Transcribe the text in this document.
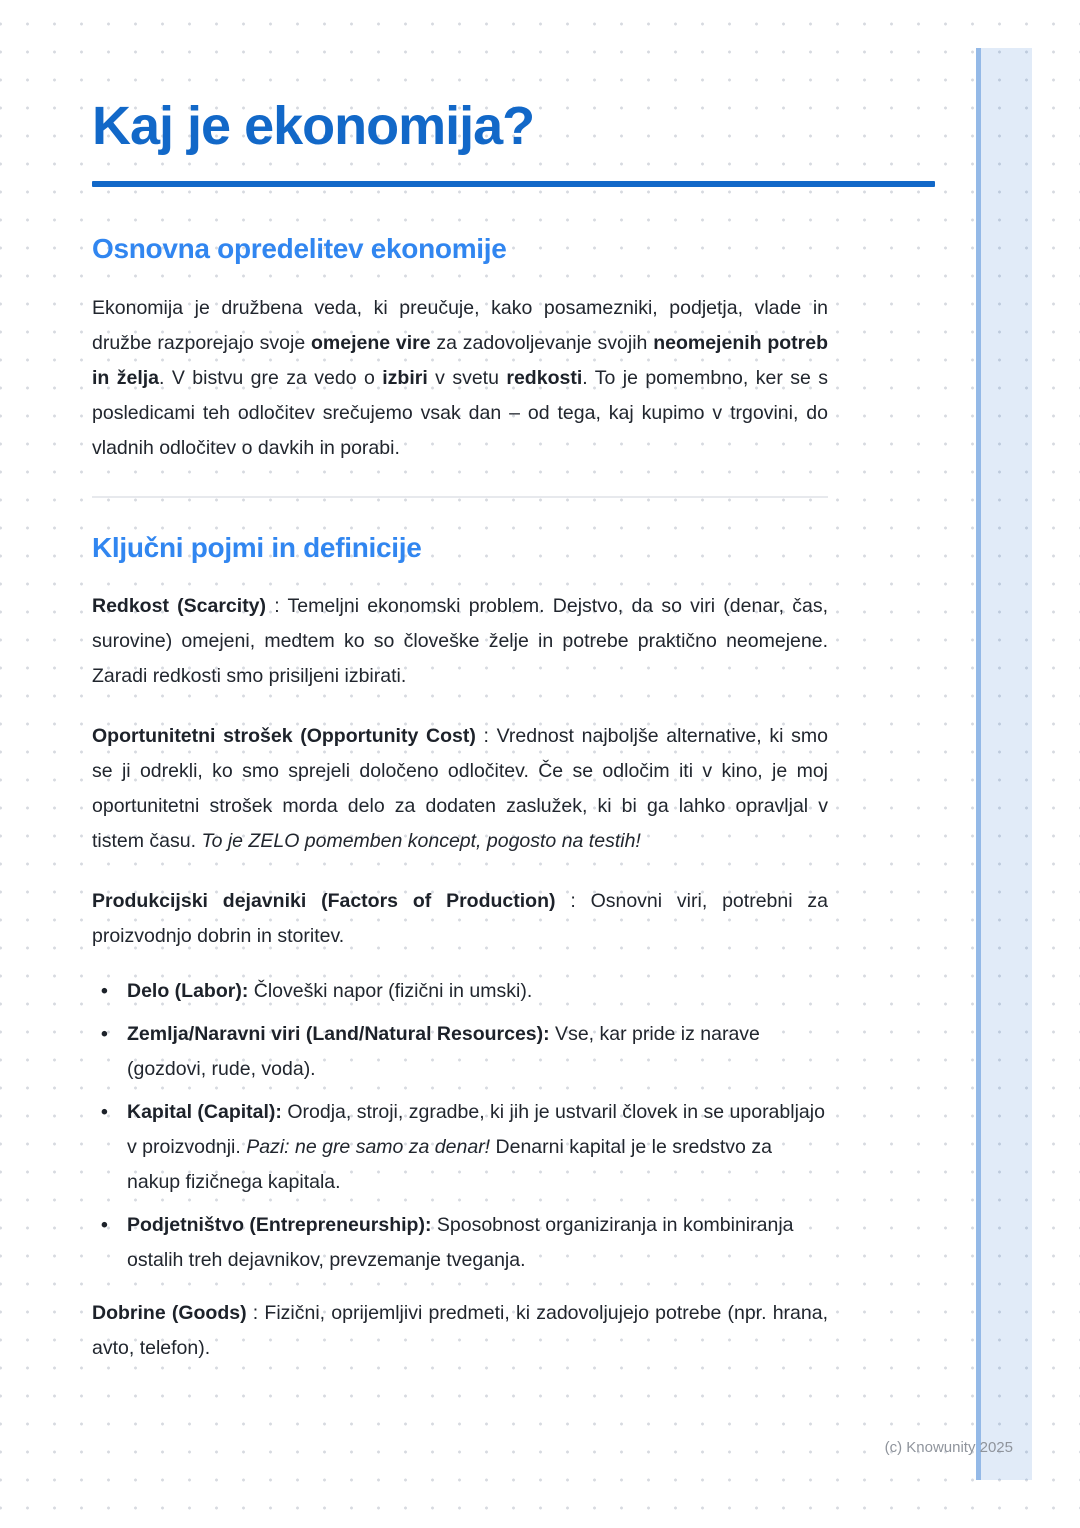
Kaj je ekonomija?
Osnovna opredelitev ekonomije

Ekonomija je družbena veda, ki preučuje, kako posamezniki, podjetja, vlade in družbe razporejajo svoje omejene vire za zadovoljevanje svojih neomejenih potreb in želja. V bistvu gre za vedo o izbiri v svetu redkosti. To je pomembno, ker se s posledicami teh odločitev srečujemo vsak dan – od tega, kaj kupimo v trgovini, do vladnih odločitev o davkih in porabi.

Ključni pojmi in definicije

Redkost (Scarcity) : Temeljni ekonomski problem. Dejstvo, da so viri (denar, čas, surovine) omejeni, medtem ko so človeške želje in potrebe praktično neomejene. Zaradi redkosti smo prisiljeni izbirati.

Oportunitetni strošek (Opportunity Cost) : Vrednost najboljše alternative, ki smo se ji odrekli, ko smo sprejeli določeno odločitev. Če se odločim iti v kino, je moj oportunitetni strošek morda delo za dodaten zaslužek, ki bi ga lahko opravljal v tistem času. To je ZELO pomemben koncept, pogosto na testih!

Produkcijski dejavniki (Factors of Production) : Osnovni viri, potrebni za proizvodnjo dobrin in storitev.

• Delo (Labor): Človeški napor (fizični in umski).
• Zemlja/Naravni viri (Land/Natural Resources): Vse, kar pride iz narave (gozdovi, rude, voda).
• Kapital (Capital): Orodja, stroji, zgradbe, ki jih je ustvaril človek in se uporabljajo v proizvodnji. Pazi: ne gre samo za denar! Denarni kapital je le sredstvo za nakup fizičnega kapitala.
• Podjetništvo (Entrepreneurship): Sposobnost organiziranja in kombiniranja ostalih treh dejavnikov, prevzemanje tveganja.

Dobrine (Goods) : Fizični, oprijemljivi predmeti, ki zadovoljujejo potrebe (npr. hrana, avto, telefon).

(c) Knowunity 2025
